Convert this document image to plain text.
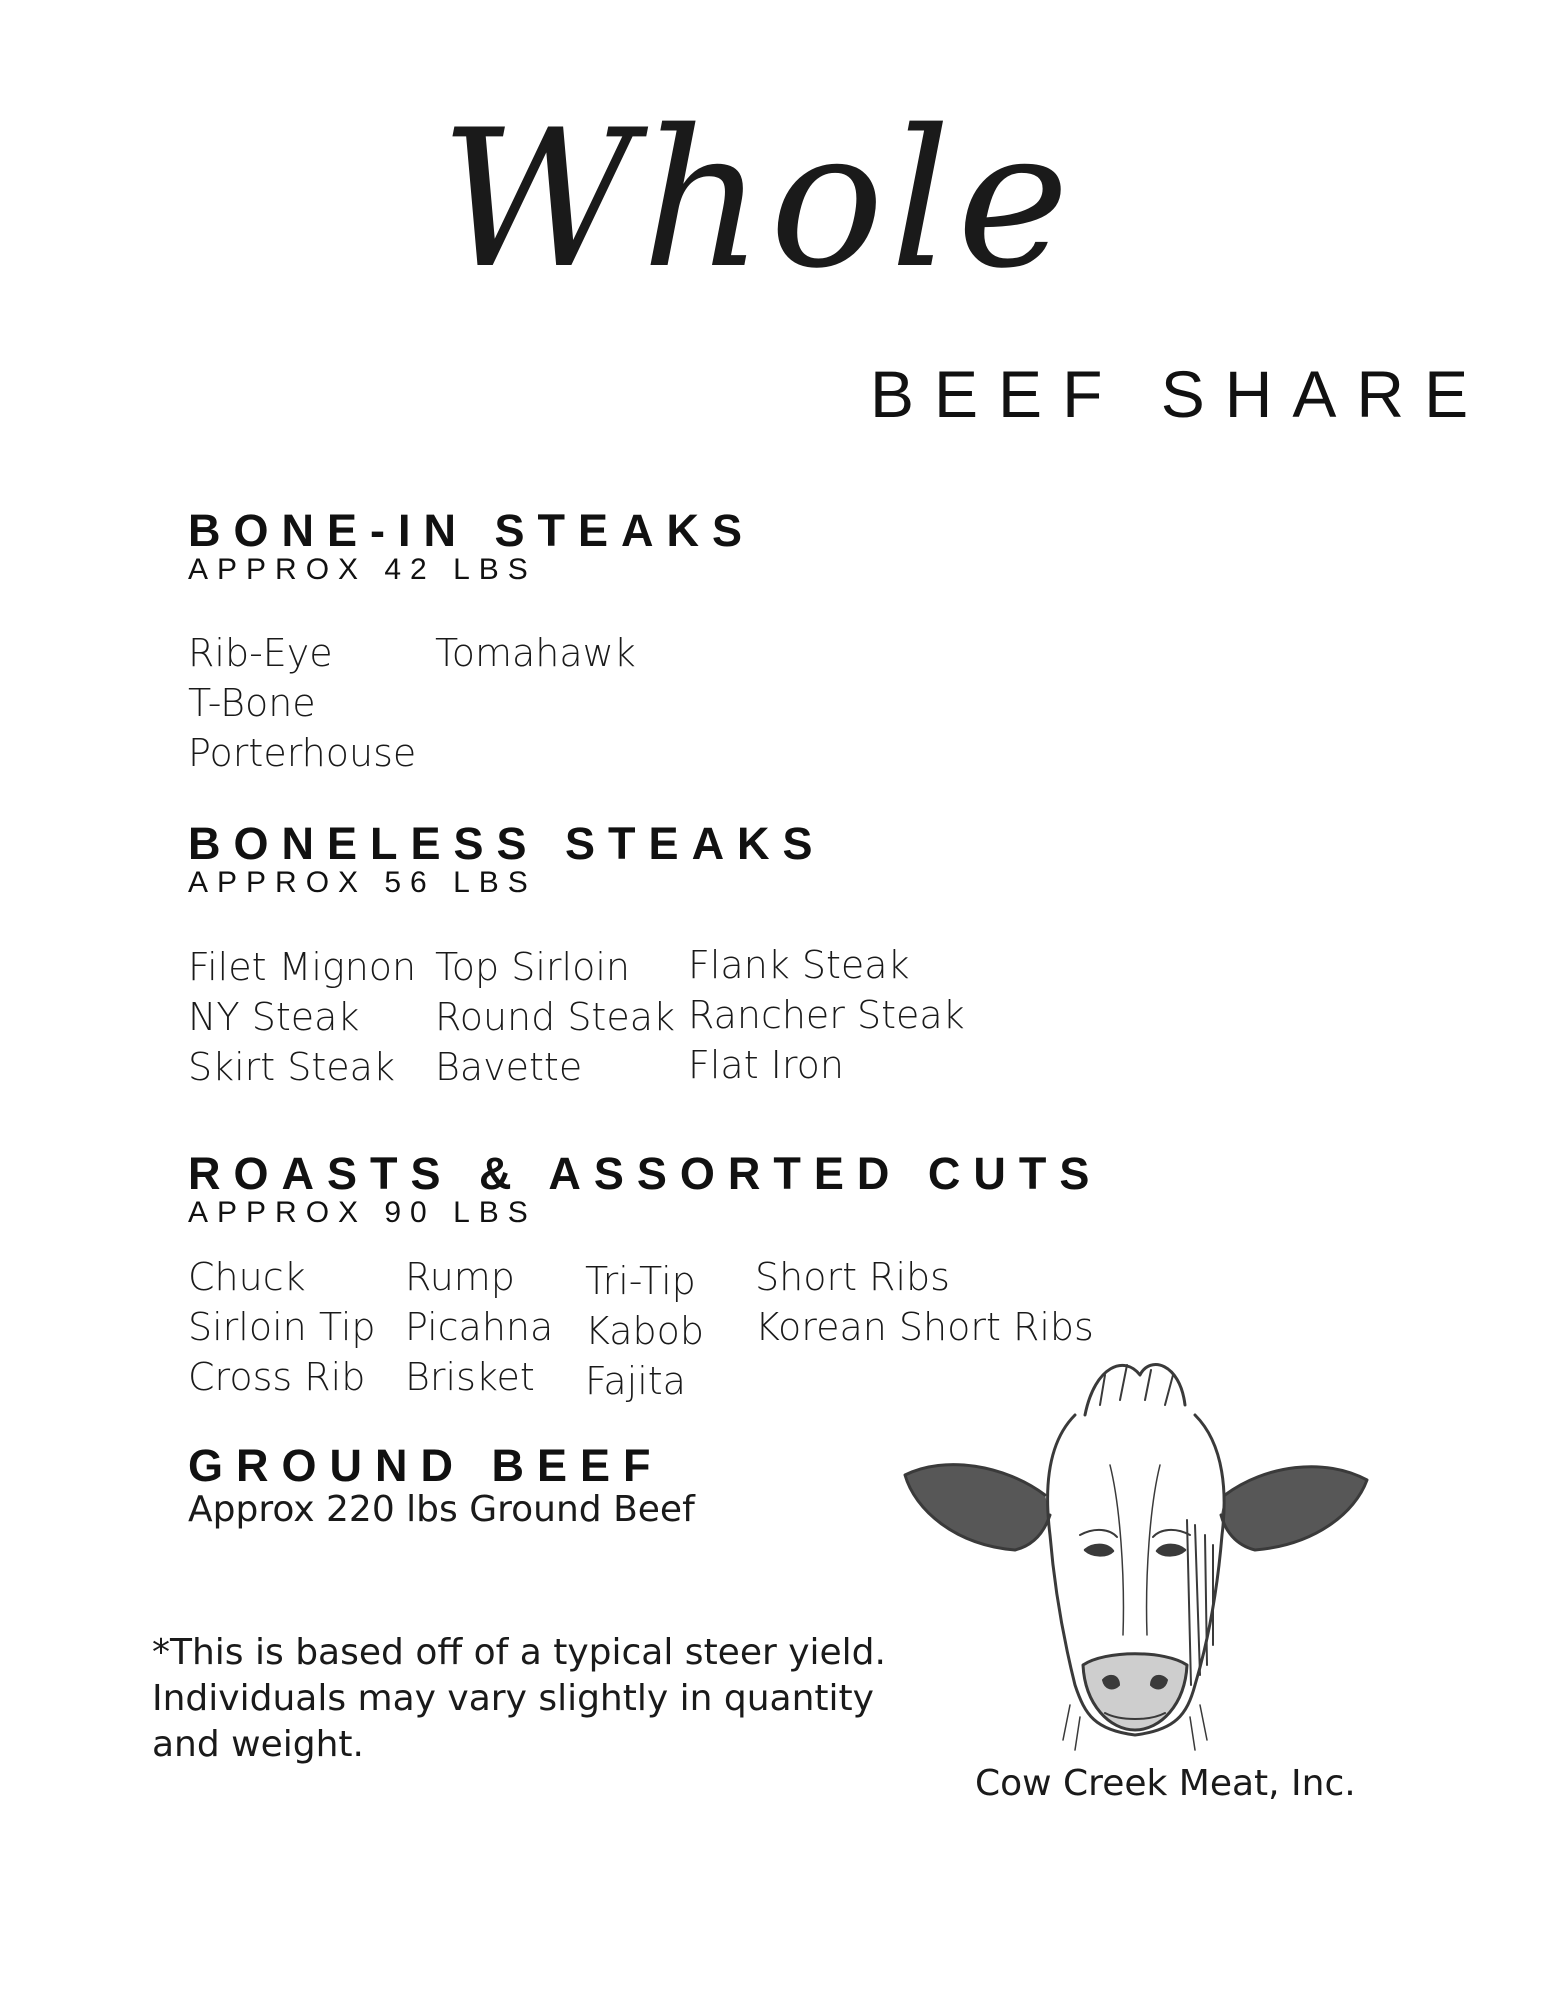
Whole
BEEF SHARE
BONE-IN STEAKS
APPROX 42 LBS
Rib-Eye
T-Bone
Porterhouse
Tomahawk
BONELESS STEAKS
APPROX 56 LBS
Filet Mignon
NY Steak
Skirt Steak
Top Sirloin
Round Steak
Bavette
Flank Steak
Rancher Steak
Flat Iron
ROASTS & ASSORTED CUTS
APPROX 90 LBS
Chuck
Sirloin Tip
Cross Rib
Rump
Picahna
Brisket
Tri-Tip
Kabob
Fajita
Short Ribs
Korean Short Ribs
GROUND BEEF
Approx 220 lbs Ground Beef
*This is based off of a typical steer yield. Individuals may vary slightly in quantity and weight.
Cow Creek Meat, Inc.
